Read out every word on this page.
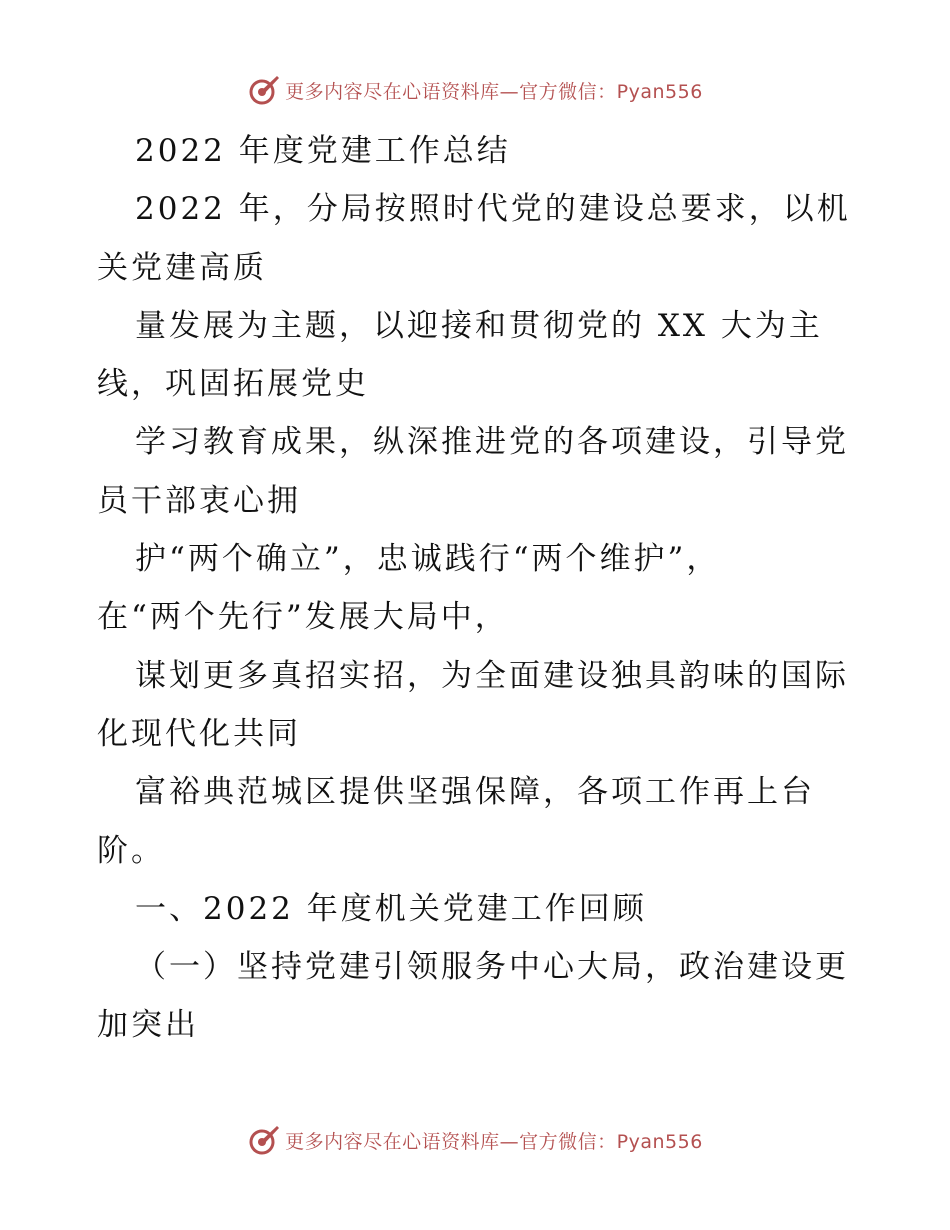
更多内容尽在心语资料库—官方微信：Pyan556
2022 年度党建工作总结
2022 年，分局按照时代党的建设总要求，以机
关党建高质
量发展为主题，以迎接和贯彻党的 XX 大为主
线，巩固拓展党史
学习教育成果，纵深推进党的各项建设，引导党
员干部衷心拥
护“两个确立”，忠诚践行“两个维护”，
在“两个先行”发展大局中，
谋划更多真招实招，为全面建设独具韵味的国际
化现代化共同
富裕典范城区提供坚强保障，各项工作再上台
阶。
一、2022 年度机关党建工作回顾
（一）坚持党建引领服务中心大局，政治建设更
加突出
更多内容尽在心语资料库—官方微信：Pyan556
